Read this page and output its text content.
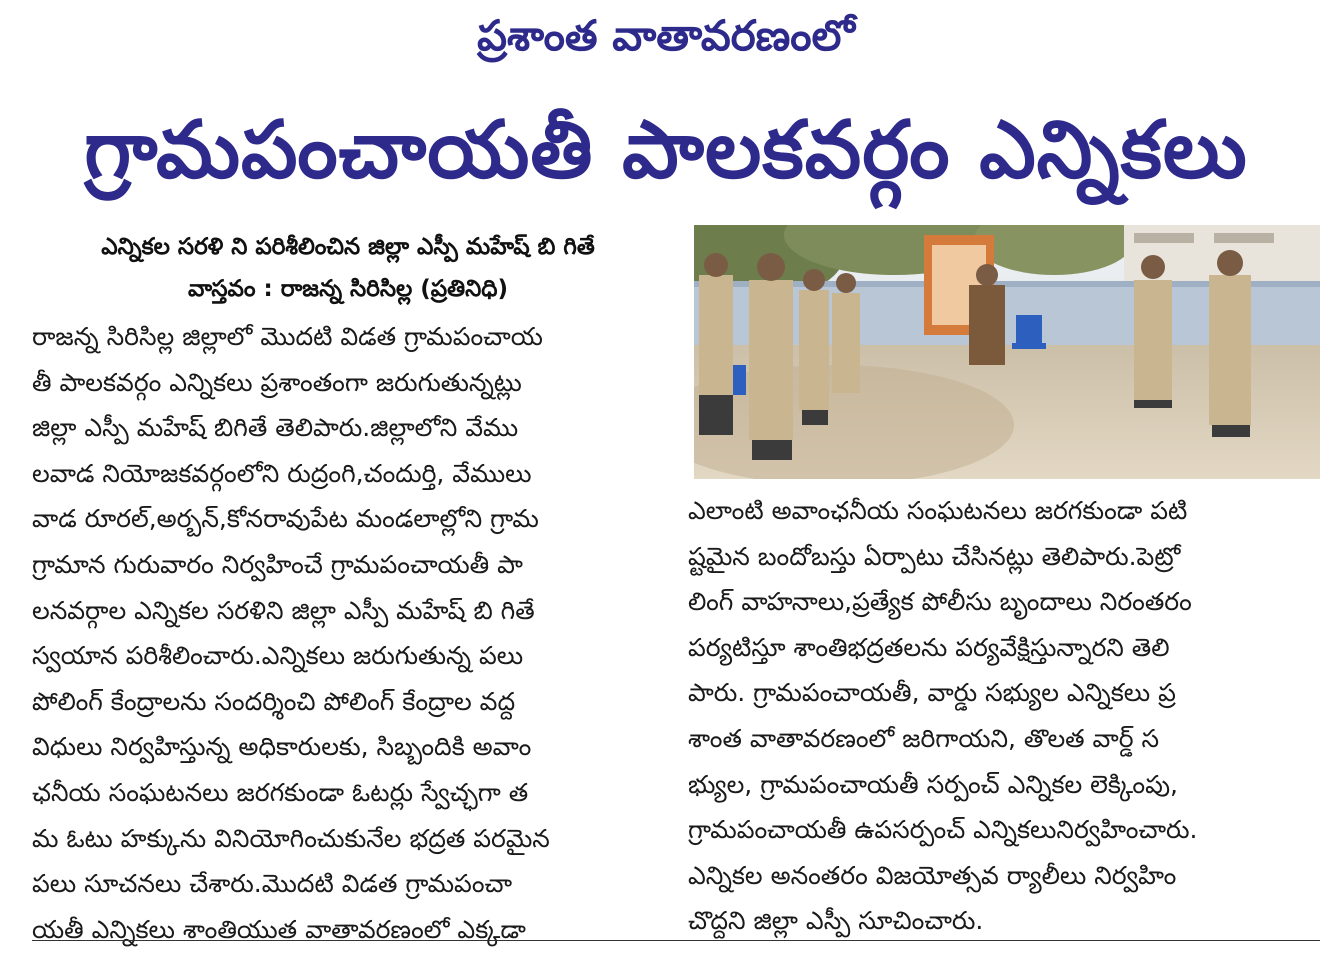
ప్రశాంత వాతావరణంలో
గ్రామపంచాయతీ పాలకవర్గం ఎన్నికలు
ఎన్నికల సరళి ని పరిశీలించిన జిల్లా ఎస్పీ మహేష్ బి గితే
వాస్తవం : రాజన్న సిరిసిల్ల (ప్రతినిధి)
రాజన్న సిరిసిల్ల జిల్లాలో మొదటి విడత గ్రామపంచాయ
తీ పాలకవర్గం ఎన్నికలు ప్రశాంతంగా జరుగుతున్నట్లు
జిల్లా ఎస్పీ మహేష్ బిగితే తెలిపారు.జిల్లాలోని వేము
లవాడ నియోజకవర్గంలోని రుద్రంగి,చందుర్తి, వేములు
వాడ రూరల్,అర్బన్,కోనరావుపేట మండలాల్లోని గ్రామ
గ్రామాన గురువారం నిర్వహించే గ్రామపంచాయతీ పా
లనవర్గాల ఎన్నికల సరళిని జిల్లా ఎస్పీ మహేష్ బి గితే
స్వయాన పరిశీలించారు.ఎన్నికలు జరుగుతున్న పలు
పోలింగ్ కేంద్రాలను సందర్శించి పోలింగ్ కేంద్రాల వద్ద
విధులు నిర్వహిస్తున్న అధికారులకు, సిబ్బందికి అవాం
ఛనీయ సంఘటనలు జరగకుండా ఓటర్లు స్వేచ్ఛగా త
మ ఓటు హక్కును వినియోగించుకునేల భద్రత పరమైన
పలు సూచనలు చేశారు.మొదటి విడత గ్రామపంచా
యతీ ఎన్నికలు శాంతియుత వాతావరణంలో ఎక్కడా
ఎలాంటి అవాంఛనీయ సంఘటనలు జరగకుండా పటి
ష్టమైన బందోబస్తు ఏర్పాటు చేసినట్లు తెలిపారు.పెట్రో
లింగ్ వాహనాలు,ప్రత్యేక పోలీసు బృందాలు నిరంతరం
పర్యటిస్తూ శాంతిభద్రతలను పర్యవేక్షిస్తున్నారని తెలి
పారు. గ్రామపంచాయతీ, వార్డు సభ్యుల ఎన్నికలు ప్ర
శాంత వాతావరణంలో జరిగాయని, తొలత వార్డ్ స
భ్యుల, గ్రామపంచాయతీ సర్పంచ్ ఎన్నికల లెక్కింపు,
గ్రామపంచాయతీ ఉపసర్పంచ్ ఎన్నికలునిర్వహించారు.
ఎన్నికల అనంతరం విజయోత్సవ ర్యాలీలు నిర్వహిం
చొద్దని జిల్లా ఎస్పీ సూచించారు.
